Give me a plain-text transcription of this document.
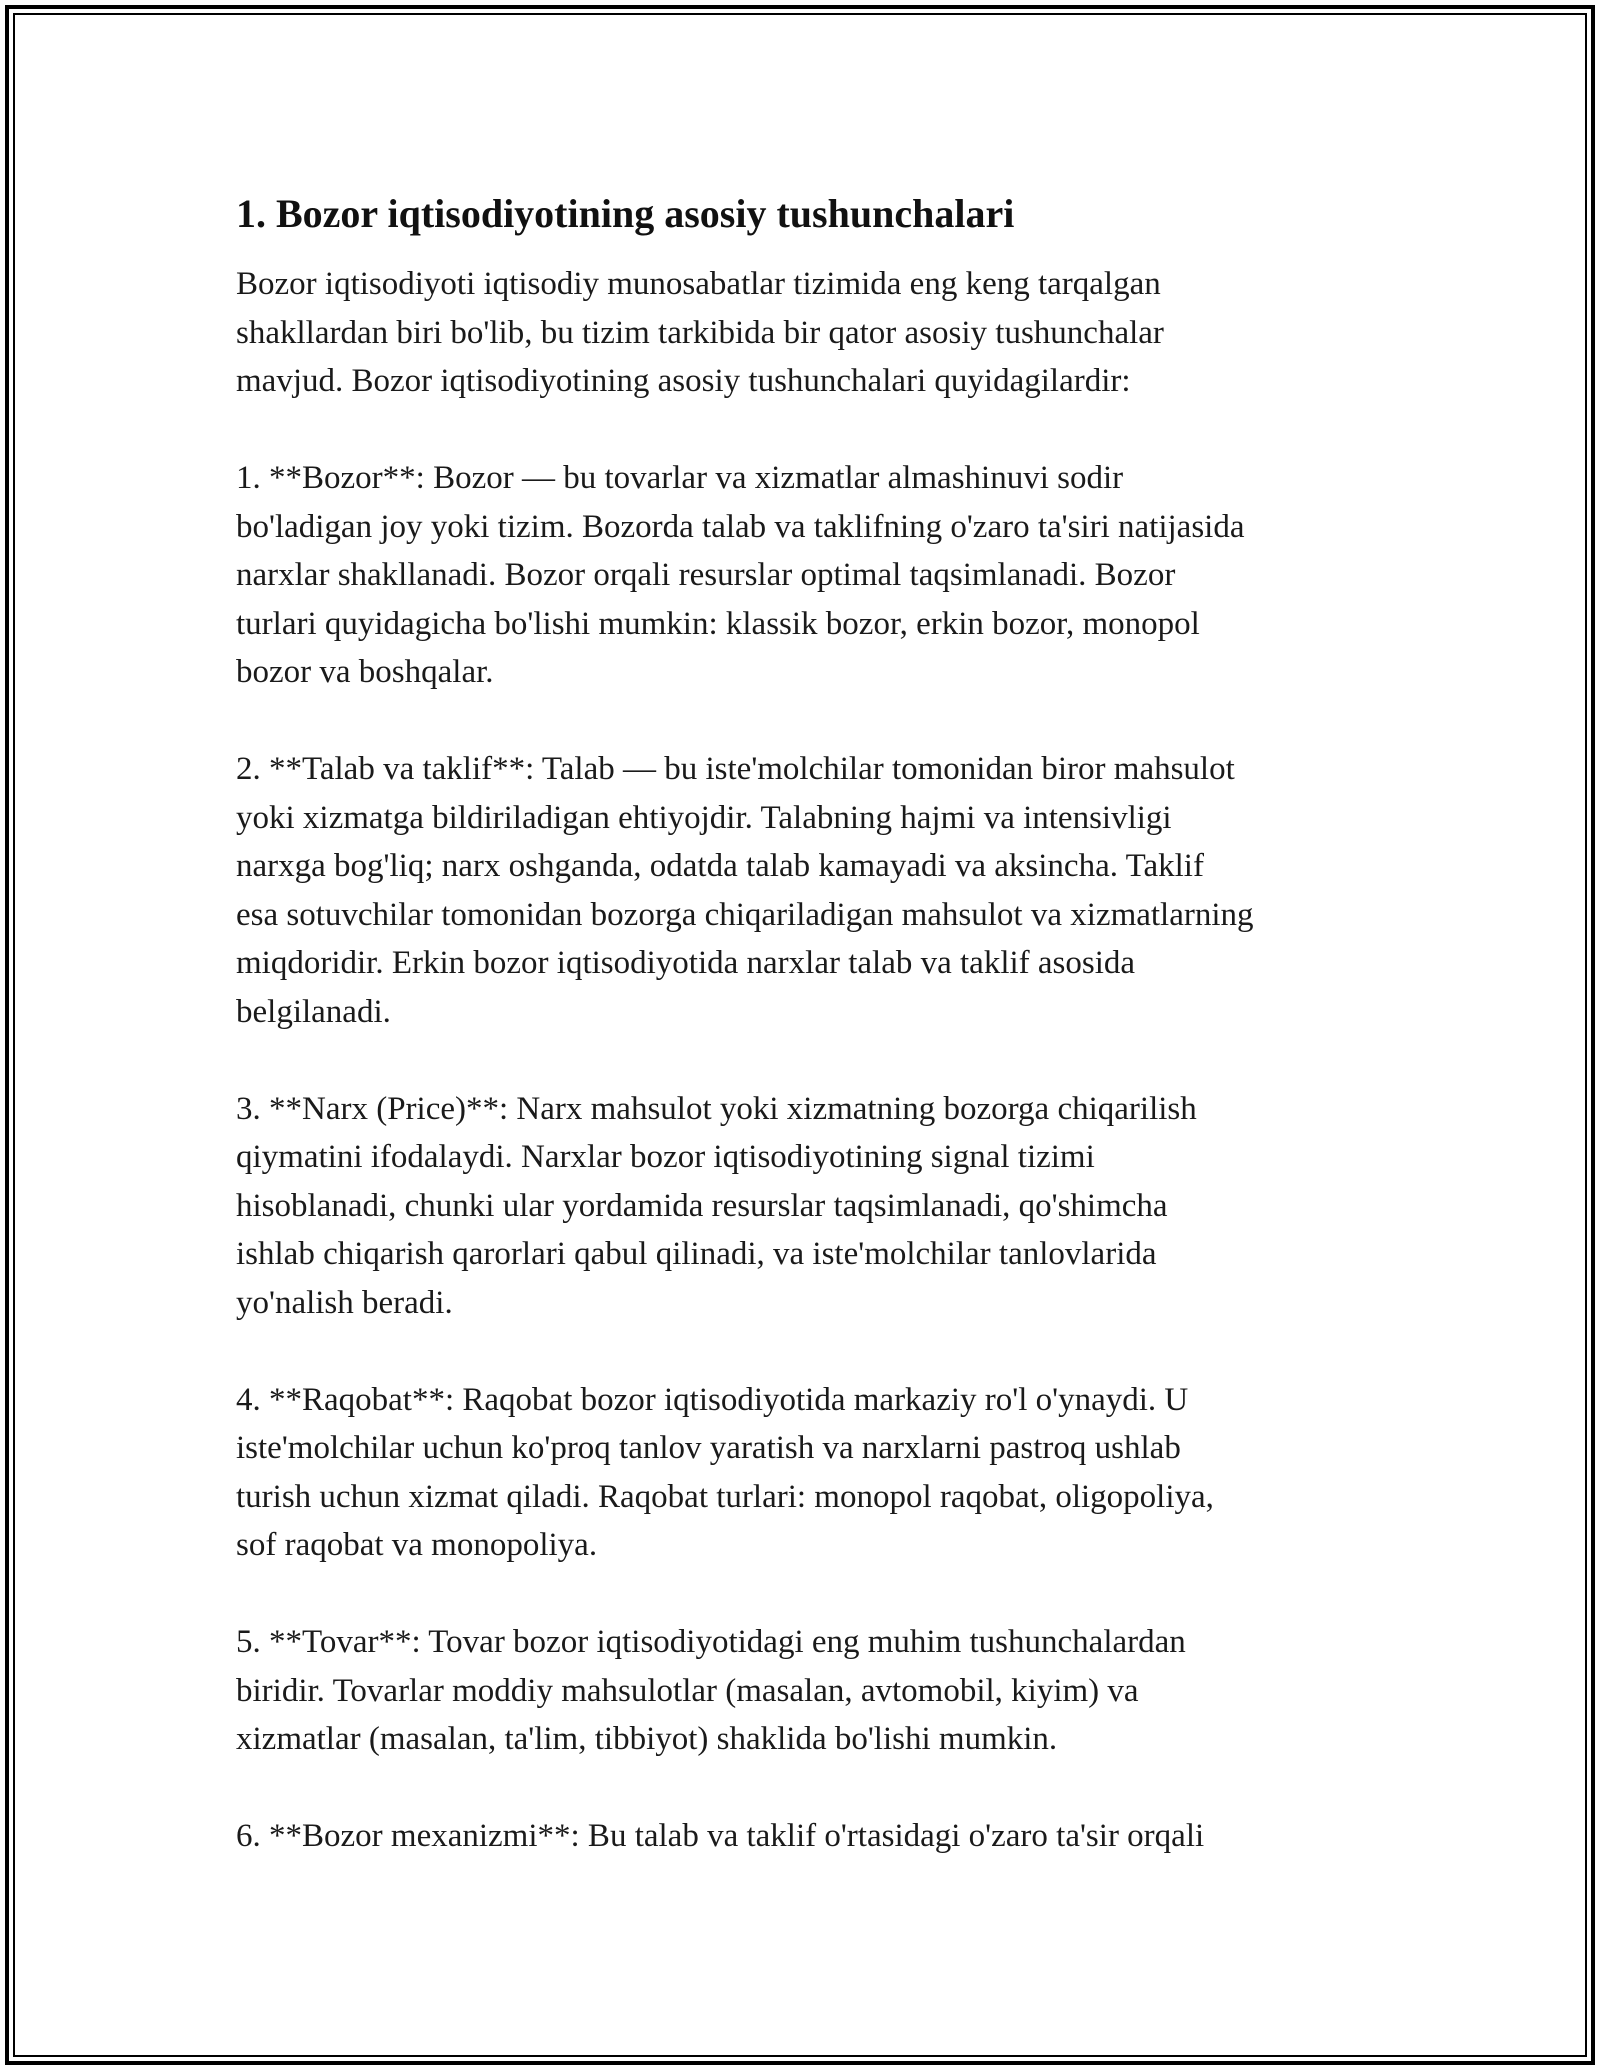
1. Bozor iqtisodiyotining asosiy tushunchalari

Bozor iqtisodiyoti iqtisodiy munosabatlar tizimida eng keng tarqalgan
shakllardan biri bo'lib, bu tizim tarkibida bir qator asosiy tushunchalar
mavjud. Bozor iqtisodiyotining asosiy tushunchalari quyidagilardir:

1. **Bozor**: Bozor — bu tovarlar va xizmatlar almashinuvi sodir
bo'ladigan joy yoki tizim. Bozorda talab va taklifning o'zaro ta'siri natijasida
narxlar shakllanadi. Bozor orqali resurslar optimal taqsimlanadi. Bozor
turlari quyidagicha bo'lishi mumkin: klassik bozor, erkin bozor, monopol
bozor va boshqalar.

2. **Talab va taklif**: Talab — bu iste'molchilar tomonidan biror mahsulot
yoki xizmatga bildiriladigan ehtiyojdir. Talabning hajmi va intensivligi
narxga bog'liq; narx oshganda, odatda talab kamayadi va aksincha. Taklif
esa sotuvchilar tomonidan bozorga chiqariladigan mahsulot va xizmatlarning
miqdoridir. Erkin bozor iqtisodiyotida narxlar talab va taklif asosida
belgilanadi.

3. **Narx (Price)**: Narx mahsulot yoki xizmatning bozorga chiqarilish
qiymatini ifodalaydi. Narxlar bozor iqtisodiyotining signal tizimi
hisoblanadi, chunki ular yordamida resurslar taqsimlanadi, qo'shimcha
ishlab chiqarish qarorlari qabul qilinadi, va iste'molchilar tanlovlarida
yo'nalish beradi.

4. **Raqobat**: Raqobat bozor iqtisodiyotida markaziy ro'l o'ynaydi. U
iste'molchilar uchun ko'proq tanlov yaratish va narxlarni pastroq ushlab
turish uchun xizmat qiladi. Raqobat turlari: monopol raqobat, oligopoliya,
sof raqobat va monopoliya.

5. **Tovar**: Tovar bozor iqtisodiyotidagi eng muhim tushunchalardan
biridir. Tovarlar moddiy mahsulotlar (masalan, avtomobil, kiyim) va
xizmatlar (masalan, ta'lim, tibbiyot) shaklida bo'lishi mumkin.

6. **Bozor mexanizmi**: Bu talab va taklif o'rtasidagi o'zaro ta'sir orqali
